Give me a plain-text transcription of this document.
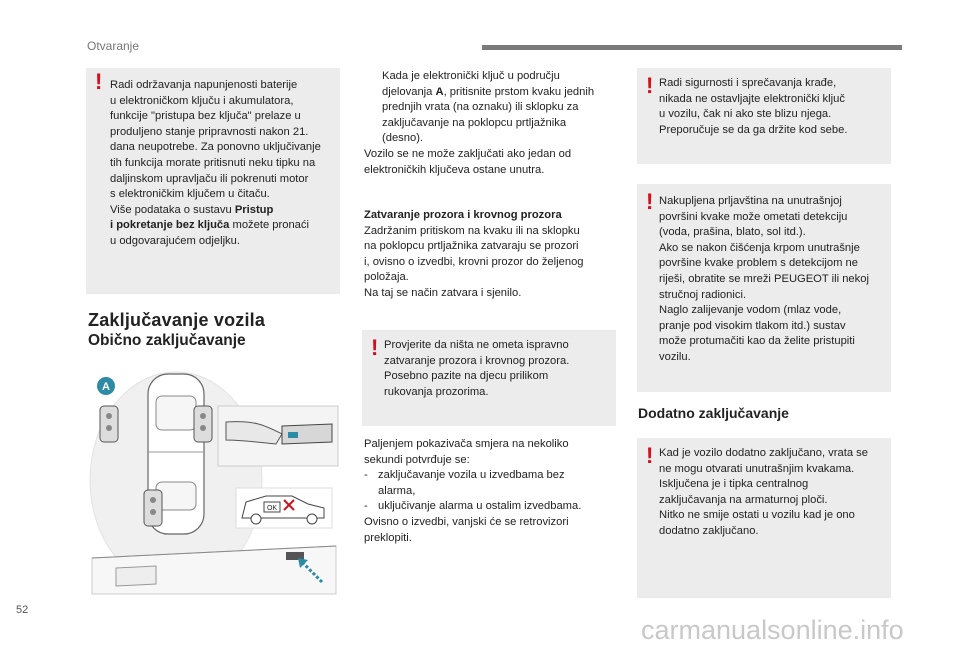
Otvaranje
! Radi održavanja napunjenosti baterije
u elektroničkom ključu i akumulatora,
funkcije "pristupa bez ključa" prelaze u
produljeno stanje pripravnosti nakon 21.
dana neupotrebe. Za ponovno uključivanje
tih funkcija morate pritisnuti neku tipku na
daljinskom upravljaču ili pokrenuti motor
s elektroničkim ključem u čitaču.
Više podataka o sustavu Pristup
i pokretanje bez ključa možete pronaći
u odgovarajućem odjeljku.
Zaključavanje vozila
Obično zaključavanje
A
OK
Kada je elektronički ključ u području
djelovanja A, pritisnite prstom kvaku jednih
prednjih vrata (na oznaku) ili sklopku za
zaključavanje na poklopcu prtljažnika
(desno).
Vozilo se ne može zaključati ako jedan od
elektroničkih ključeva ostane unutra.
Zatvaranje prozora i krovnog prozora
Zadržanim pritiskom na kvaku ili na sklopku
na poklopcu prtljažnika zatvaraju se prozori
i, ovisno o izvedbi, krovni prozor do željenog
položaja.
Na taj se način zatvara i sjenilo.
! Provjerite da ništa ne ometa ispravno
zatvaranje prozora i krovnog prozora.
Posebno pazite na djecu prilikom
rukovanja prozorima.
Paljenjem pokazivača smjera na nekoliko
sekundi potvrđuje se:
- zaključavanje vozila u izvedbama bez
alarma,
- uključivanje alarma u ostalim izvedbama.
Ovisno o izvedbi, vanjski će se retrovizori
preklopiti.
! Radi sigurnosti i sprečavanja krađe,
nikada ne ostavljajte elektronički ključ
u vozilu, čak ni ako ste blizu njega.
Preporučuje se da ga držite kod sebe.
! Nakupljena prljavština na unutrašnjoj
površini kvake može ometati detekciju
(voda, prašina, blato, sol itd.).
Ako se nakon čišćenja krpom unutrašnje
površine kvake problem s detekcijom ne
riješi, obratite se mreži PEUGEOT ili nekoj
stručnoj radionici.
Naglo zalijevanje vodom (mlaz vode,
pranje pod visokim tlakom itd.) sustav
može protumačiti kao da želite pristupiti
vozilu.
Dodatno zaključavanje
! Kad je vozilo dodatno zaključano, vrata se
ne mogu otvarati unutrašnjim kvakama.
Isključena je i tipka centralnog
zaključavanja na armaturnoj ploči.
Nitko ne smije ostati u vozilu kad je ono
dodatno zaključano.
52
carmanualsonline.info
